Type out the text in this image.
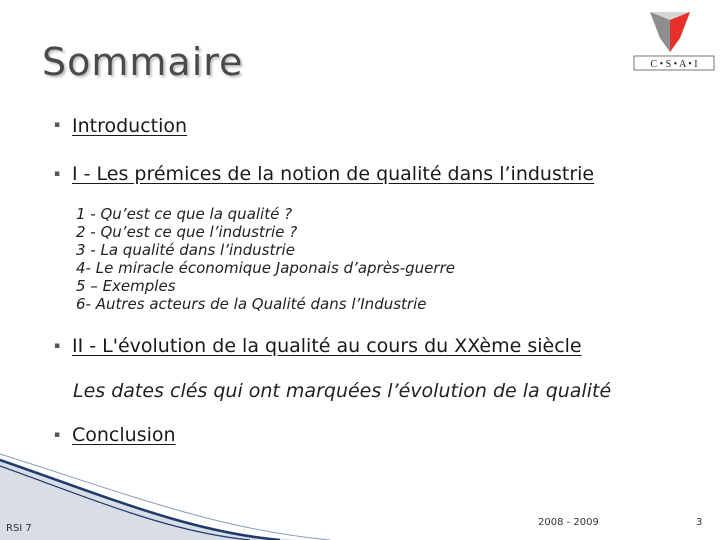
Sommaire	C • S • A • I
▪ Introduction
▪ I - Les prémices de la notion de qualité dans l’industrie
1 - Qu’est ce que la qualité ?
2 - Qu’est ce que l’industrie ?
3 - La qualité dans l’industrie
4- Le miracle économique Japonais d’après-guerre
5 – Exemples
6- Autres acteurs de la Qualité dans l’Industrie
▪ II - L'évolution de la qualité au cours du XXème siècle
Les dates clés qui ont marquées l’évolution de la qualité
▪ Conclusion
RSI 7
2008 - 2009	3
